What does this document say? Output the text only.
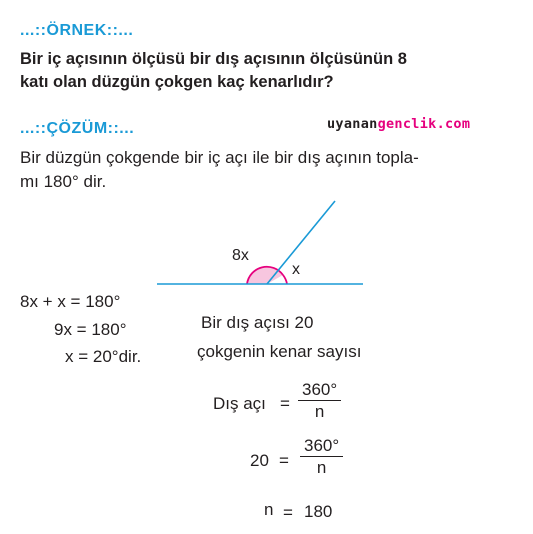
...::ÖRNEK::...
Bir iç açısının ölçüsü bir dış açısının ölçüsünün 8
katı olan düzgün çokgen kaç kenarlıdır?
...::ÇÖZÜM::...	uyanangenclik.com
Bir düzgün çokgende bir iç açı ile bir dış açının topla-
mı 180° dir.
8x
x
8x + x = 180°
9x = 180°
x = 20°dir.
Bir dış açısı 20
çokgenin kenar sayısı
Dış açı =
360°
n
20 =
360°
n
n = 180
